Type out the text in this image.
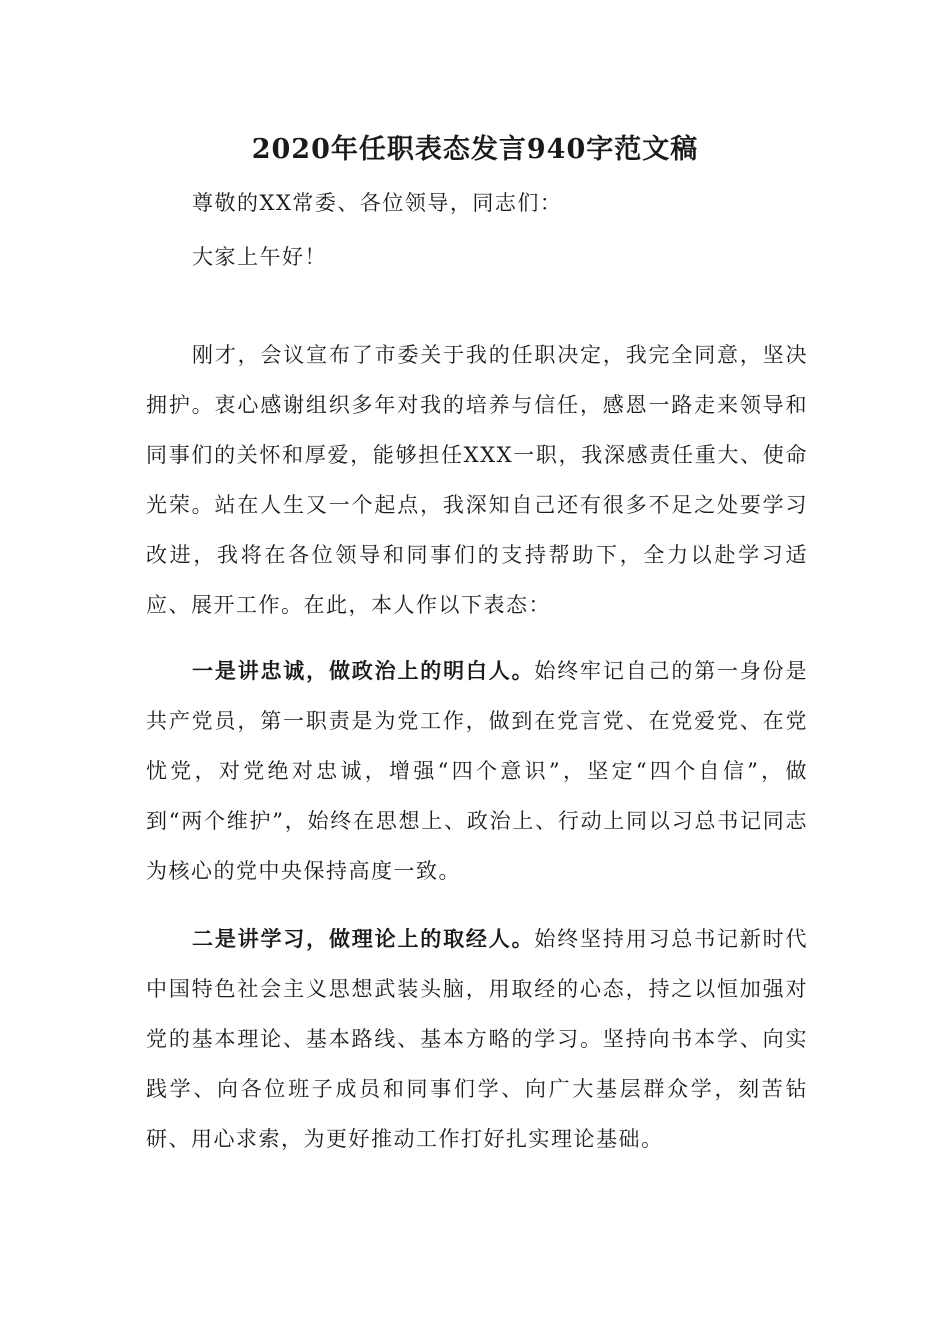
2020年任职表态发言940字范文稿

尊敬的XX常委、各位领导，同志们：

大家上午好！

刚才，会议宣布了市委关于我的任职决定，我完全同意，坚决拥护。衷心感谢组织多年对我的培养与信任，感恩一路走来领导和同事们的关怀和厚爱，能够担任XXX一职，我深感责任重大、使命光荣。站在人生又一个起点，我深知自己还有很多不足之处要学习改进，我将在各位领导和同事们的支持帮助下，全力以赴学习适应、展开工作。在此，本人作以下表态：

一是讲忠诚，做政治上的明白人。始终牢记自己的第一身份是共产党员，第一职责是为党工作，做到在党言党、在党爱党、在党忧党，对党绝对忠诚，增强“四个意识”，坚定“四个自信”，做到“两个维护”，始终在思想上、政治上、行动上同以习总书记同志为核心的党中央保持高度一致。

二是讲学习，做理论上的取经人。始终坚持用习总书记新时代中国特色社会主义思想武装头脑，用取经的心态，持之以恒加强对党的基本理论、基本路线、基本方略的学习。坚持向书本学、向实践学、向各位班子成员和同事们学、向广大基层群众学，刻苦钻研、用心求索，为更好推动工作打好扎实理论基础。
